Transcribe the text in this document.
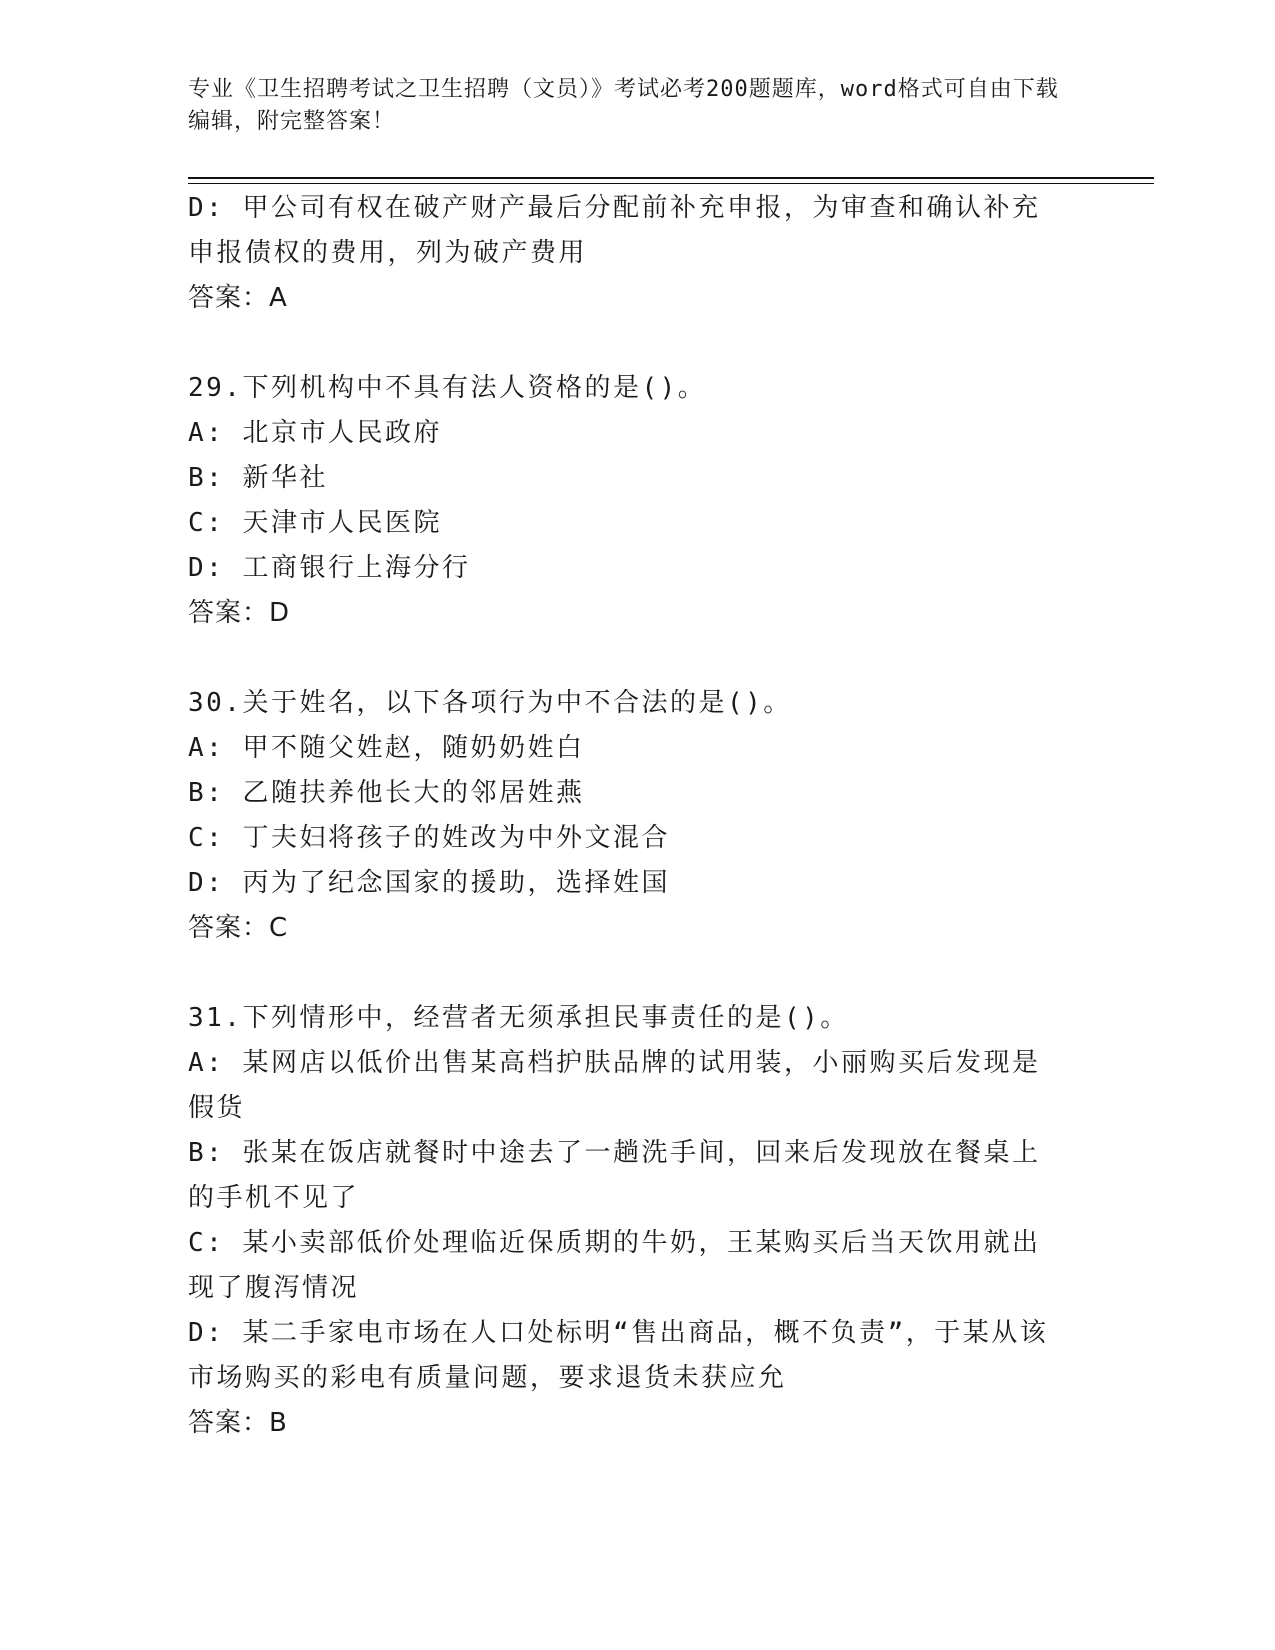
专业《卫生招聘考试之卫生招聘（文员）》考试必考200题题库，word格式可自由下载编辑，附完整答案！
D: 甲公司有权在破产财产最后分配前补充申报，为审查和确认补充申报债权的费用，列为破产费用
答案：A
29.下列机构中不具有法人资格的是()。
A: 北京市人民政府
B: 新华社
C: 天津市人民医院
D: 工商银行上海分行
答案：D
30.关于姓名，以下各项行为中不合法的是()。
A: 甲不随父姓赵，随奶奶姓白
B: 乙随扶养他长大的邻居姓燕
C: 丁夫妇将孩子的姓改为中外文混合
D: 丙为了纪念国家的援助，选择姓国
答案：C
31.下列情形中，经营者无须承担民事责任的是()。
A: 某网店以低价出售某高档护肤品牌的试用装，小丽购买后发现是假货
B: 张某在饭店就餐时中途去了一趟洗手间，回来后发现放在餐桌上的手机不见了
C: 某小卖部低价处理临近保质期的牛奶，王某购买后当天饮用就出现了腹泻情况
D: 某二手家电市场在人口处标明“售出商品，概不负责”，于某从该市场购买的彩电有质量问题，要求退货未获应允
答案：B
